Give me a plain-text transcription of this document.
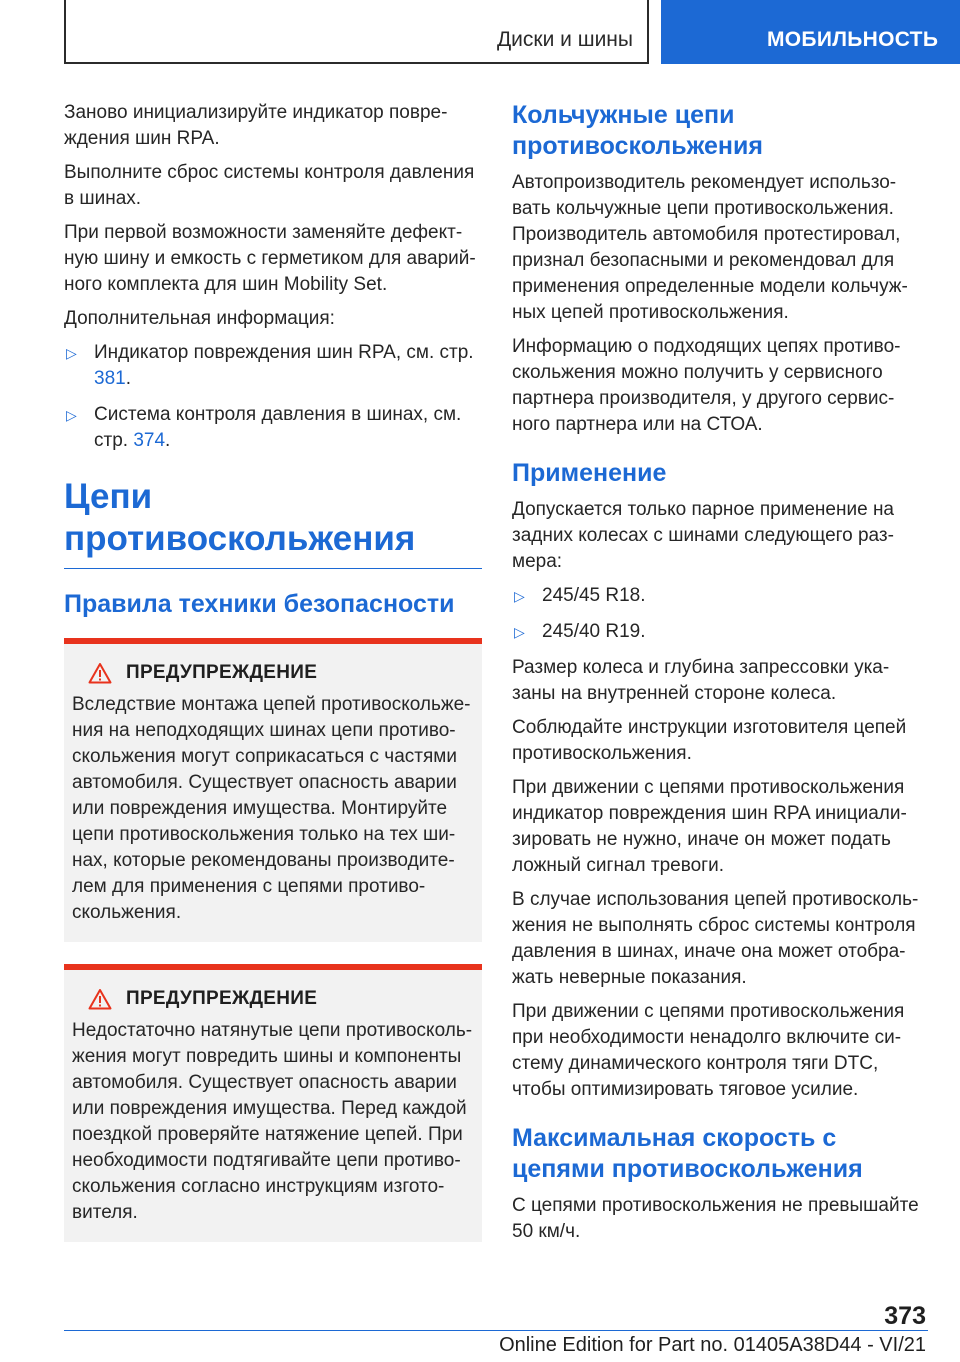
Диски и шины	МОБИЛЬНОСТЬ

Заново инициализируйте индикатор повре-ждения шин RPA.

Выполните сброс системы контроля давления в шинах.

При первой возможности заменяйте дефект-ную шину и емкость с герметиком для аварий-ного комплекта для шин Mobility Set.

Дополнительная информация:

▷ Индикатор повреждения шин RPA, см. стр. 381.
▷ Система контроля давления в шинах, см. стр. 374.
Цепи противоскольжения
Правила техники безопасности
ПРЕДУПРЕЖДЕНИЕ

Вследствие монтажа цепей противоскольже-ния на неподходящих шинах цепи противо-скольжения могут соприкасаться с частями автомобиля. Существует опасность аварии или повреждения имущества. Монтируйте цепи противоскольжения только на тех ши-нах, которые рекомендованы производите-лем для применения с цепями противо-скольжения.

ПРЕДУПРЕЖДЕНИЕ

Недостаточно натянутые цепи противосколь-жения могут повредить шины и компоненты автомобиля. Существует опасность аварии или повреждения имущества. Перед каждой поездкой проверяйте натяжение цепей. При необходимости подтягивайте цепи противо-скольжения согласно инструкциям изгото-вителя.

Кольчужные цепи противоскольжения

Автопроизводитель рекомендует использо-вать кольчужные цепи противоскольжения. Производитель автомобиля протестировал, признал безопасными и рекомендовал для применения определенные модели кольчуж-ных цепей противоскольжения.

Информацию о подходящих цепях противо-скольжения можно получить у сервисного партнера производителя, у другого сервис-ного партнера или на СТОА.

Применение

Допускается только парное применение на задних колесах с шинами следующего раз-мера:

▷ 245/45 R18.
▷ 245/40 R19.

Размер колеса и глубина запрессовки ука-заны на внутренней стороне колеса.

Соблюдайте инструкции изготовителя цепей противоскольжения.

При движении с цепями противоскольжения индикатор повреждения шин RPA инициали-зировать не нужно, иначе он может подать ложный сигнал тревоги.

В случае использования цепей противосколь-жения не выполнять сброс системы контроля давления в шинах, иначе она может отобра-жать неверные показания.

При движении с цепями противоскольжения при необходимости ненадолго включите си-стему динамического контроля тяги DTC, чтобы оптимизировать тяговое усилие.

Максимальная скорость с цепями противоскольжения

С цепями противоскольжения не превышайте 50 км/ч.

373
Online Edition for Part no. 01405A38D44 - VI/21
